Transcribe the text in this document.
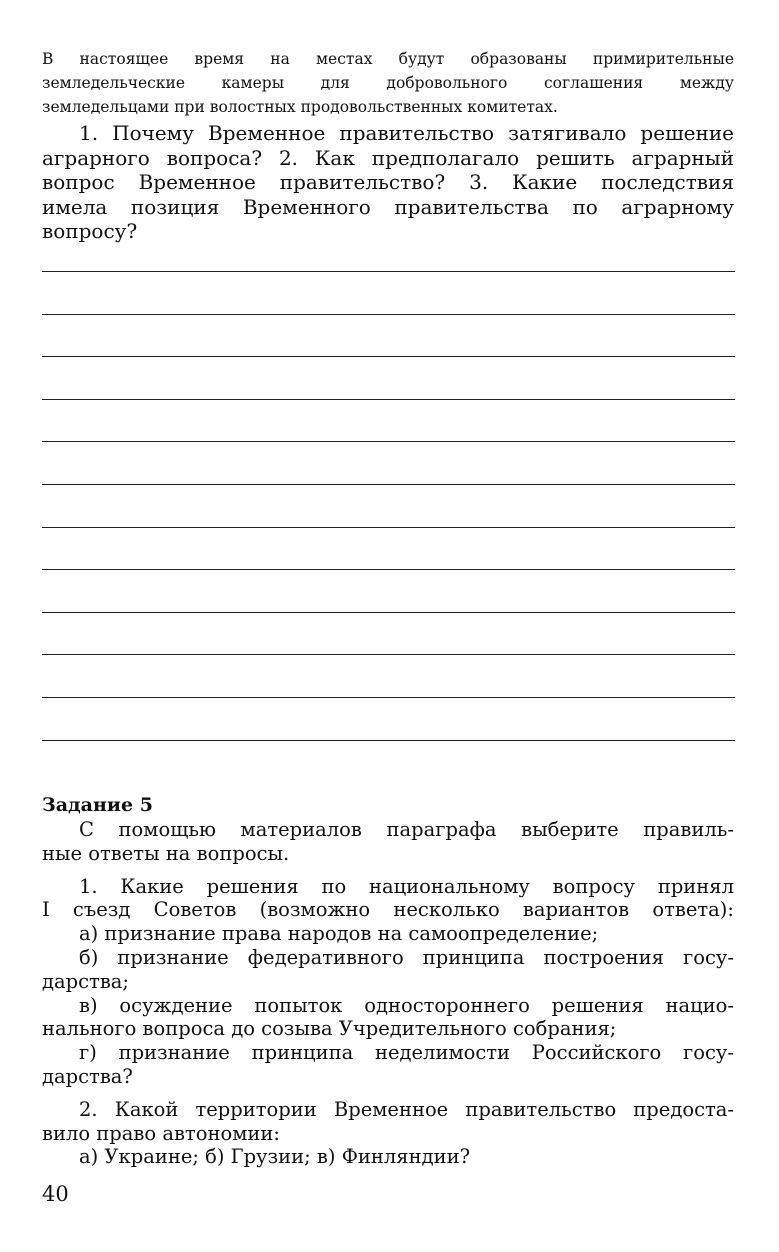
В настоящее время на местах будут образованы примирительные
земледельческие камеры для добровольного соглашения между
земледельцами при волостных продовольственных комитетах.
1. Почему Временное правительство затягивало решение
аграрного вопроса? 2. Как предполагало решить аграрный
вопрос Временное правительство? 3. Какие последствия
имела позиция Временного правительства по аграрному
вопросу?
Задание 5
С помощью материалов параграфа выберите правиль-
ные ответы на вопросы.
1. Какие решения по национальному вопросу принял
I съезд Советов (возможно несколько вариантов ответа):
а) признание права народов на самоопределение;
б) признание федеративного принципа построения госу-
дарства;
в) осуждение попыток одностороннего решения нацио-
нального вопроса до созыва Учредительного собрания;
г) признание принципа неделимости Российского госу-
дарства?
2. Какой территории Временное правительство предоста-
вило право автономии:
а) Украине; б) Грузии; в) Финляндии?
40
